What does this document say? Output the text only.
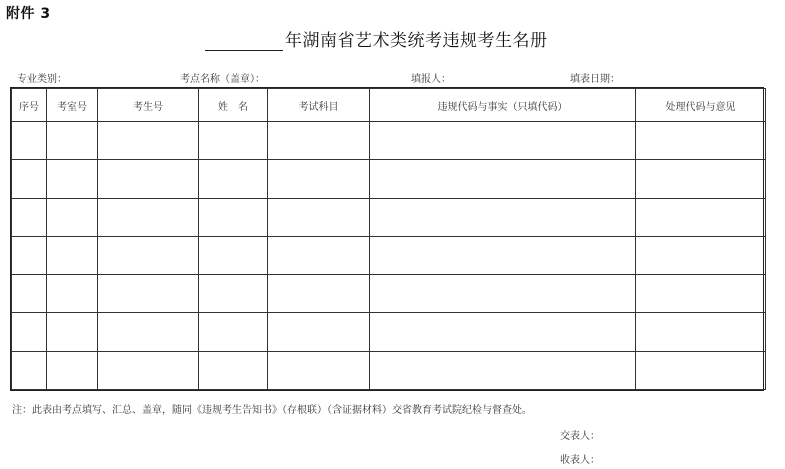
附件 3
年湖南省艺术类统考违规考生名册
专业类别：	考点名称（盖章）：	填报人：	填表日期：
序号	考室号	考生号	姓　名	考试科目	违规代码与事实（只填代码）	处理代码与意见

注：此表由考点填写、汇总、盖章，随同《违规考生告知书》（存根联）（含证据材料）交省教育考试院纪检与督查处。
交表人：
收表人：
